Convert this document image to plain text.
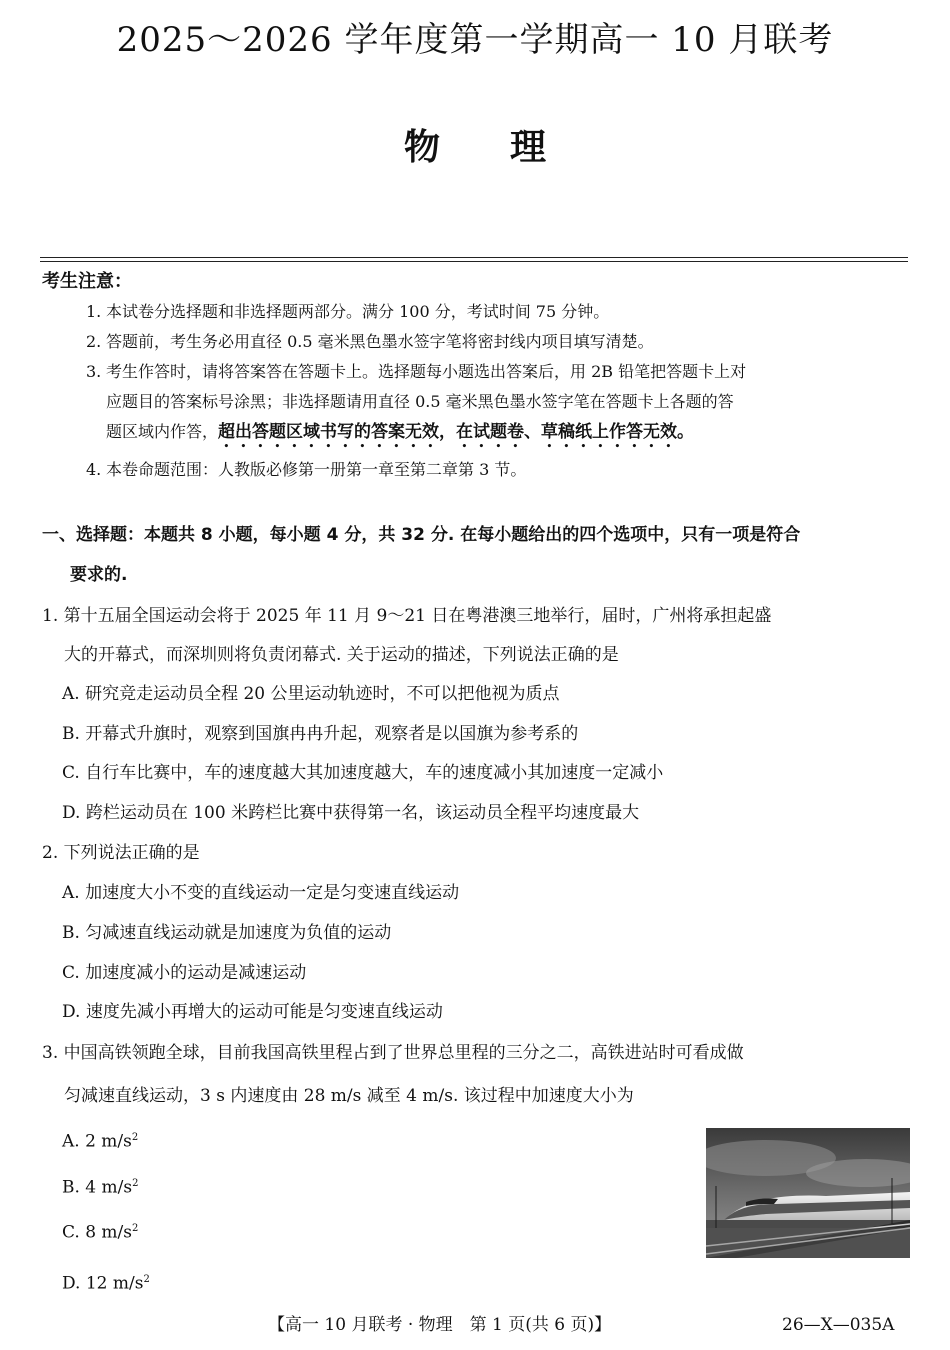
2025～2026 学年度第一学期高一 10 月联考
物理
考生注意：
1. 本试卷分选择题和非选择题两部分。满分 100 分，考试时间 75 分钟。
2. 答题前，考生务必用直径 0.5 毫米黑色墨水签字笔将密封线内项目填写清楚。
3. 考生作答时，请将答案答在答题卡上。选择题每小题选出答案后，用 2B 铅笔把答题卡上对
应题目的答案标号涂黑；非选择题请用直径 0.5 毫米黑色墨水签字笔在答题卡上各题的答
题区域内作答，超出答题区域书写的答案无效，在试题卷、草稿纸上作答无效。
4. 本卷命题范围：人教版必修第一册第一章至第二章第 3 节。
一、选择题：本题共 8 小题，每小题 4 分，共 32 分. 在每小题给出的四个选项中，只有一项是符合
要求的.
1. 第十五届全国运动会将于 2025 年 11 月 9～21 日在粤港澳三地举行，届时，广州将承担起盛
大的开幕式，而深圳则将负责闭幕式. 关于运动的描述，下列说法正确的是
A. 研究竞走运动员全程 20 公里运动轨迹时，不可以把他视为质点
B. 开幕式升旗时，观察到国旗冉冉升起，观察者是以国旗为参考系的
C. 自行车比赛中，车的速度越大其加速度越大，车的速度减小其加速度一定减小
D. 跨栏运动员在 100 米跨栏比赛中获得第一名，该运动员全程平均速度最大
2. 下列说法正确的是
A. 加速度大小不变的直线运动一定是匀变速直线运动
B. 匀减速直线运动就是加速度为负值的运动
C. 加速度减小的运动是减速运动
D. 速度先减小再增大的运动可能是匀变速直线运动
3. 中国高铁领跑全球，目前我国高铁里程占到了世界总里程的三分之二，高铁进站时可看成做
匀减速直线运动，3 s 内速度由 28 m/s 减至 4 m/s. 该过程中加速度大小为
A. 2 $m/s^2$
B. 4 $m/s^2$
C. 8 $m/s^2$
D. 12 $m/s^2$
【高一 10 月联考 · 物理　第 1 页(共 6 页)】	26—X—035A
